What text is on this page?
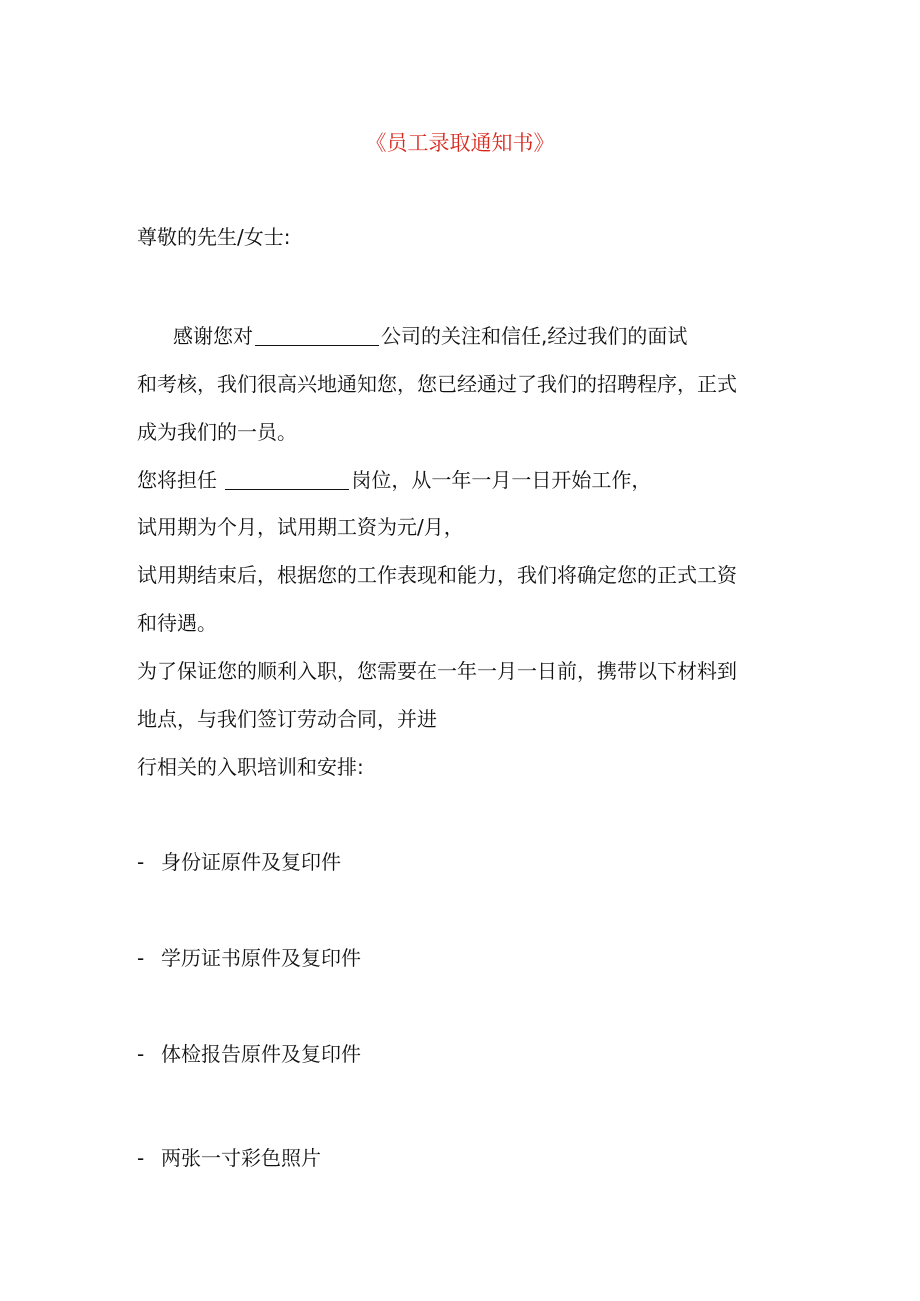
《员工录取通知书》
尊敬的先生/女士:
感谢您对	公司的关注和信任,经过我们的面试
和考核，我们很高兴地通知您，您已经通过了我们的招聘程序，正式
成为我们的一员。
您将担任	岗位，从一年一月一日开始工作，
试用期为个月，试用期工资为元/月，
试用期结束后，根据您的工作表现和能力，我们将确定您的正式工资
和待遇。
为了保证您的顺利入职，您需要在一年一月一日前，携带以下材料到
地点，与我们签订劳动合同，并进
行相关的入职培训和安排:
- 身份证原件及复印件
- 学历证书原件及复印件
- 体检报告原件及复印件
- 两张一寸彩色照片
